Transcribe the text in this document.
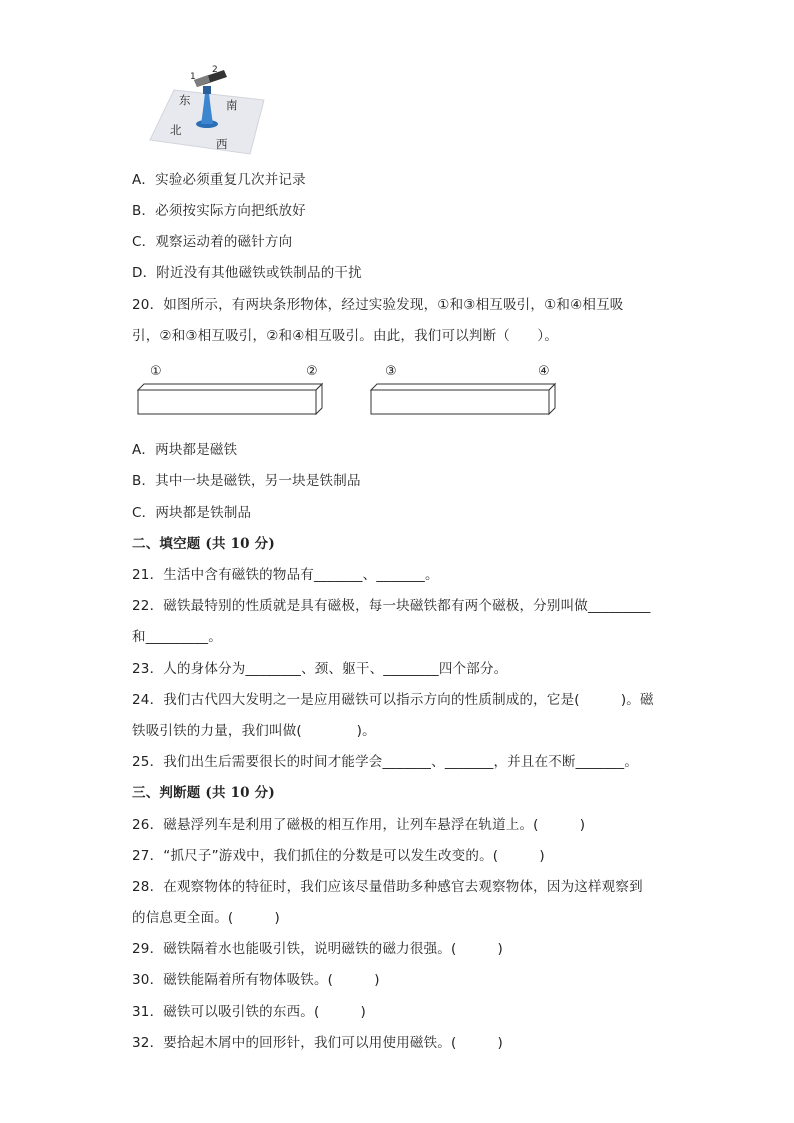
1
2
东	南
北
西
A．实验必须重复几次并记录
B．必须按实际方向把纸放好
C．观察运动着的磁针方向
D．附近没有其他磁铁或铁制品的干扰
20．如图所示，有两块条形物体，经过实验发现，①和③相互吸引，①和④相互吸
引，②和③相互吸引，②和④相互吸引。由此，我们可以判断（　　）。
①	②	③	④
A．两块都是磁铁
B．其中一块是磁铁，另一块是铁制品
C．两块都是铁制品
二、填空题 (共 10 分)
21．生活中含有磁铁的物品有_______、_______。
22．磁铁最特别的性质就是具有磁极，每一块磁铁都有两个磁极，分别叫做_________
和_________。
23．人的身体分为________、颈、躯干、________四个部分。
24．我们古代四大发明之一是应用磁铁可以指示方向的性质制成的，它是(　　　)。磁
铁吸引铁的力量，我们叫做(　　　　)。
25．我们出生后需要很长的时间才能学会_______、_______，并且在不断_______。
三、判断题 (共 10 分)
26．磁悬浮列车是利用了磁极的相互作用，让列车悬浮在轨道上。(　　　)
27．“抓尺子”游戏中，我们抓住的分数是可以发生改变的。(　　　)
28．在观察物体的特征时，我们应该尽量借助多种感官去观察物体，因为这样观察到
的信息更全面。(　　　)
29．磁铁隔着水也能吸引铁，说明磁铁的磁力很强。(　　　)
30．磁铁能隔着所有物体吸铁。(　　　)
31．磁铁可以吸引铁的东西。(　　　)
32．要拾起木屑中的回形针，我们可以用使用磁铁。(　　　)
